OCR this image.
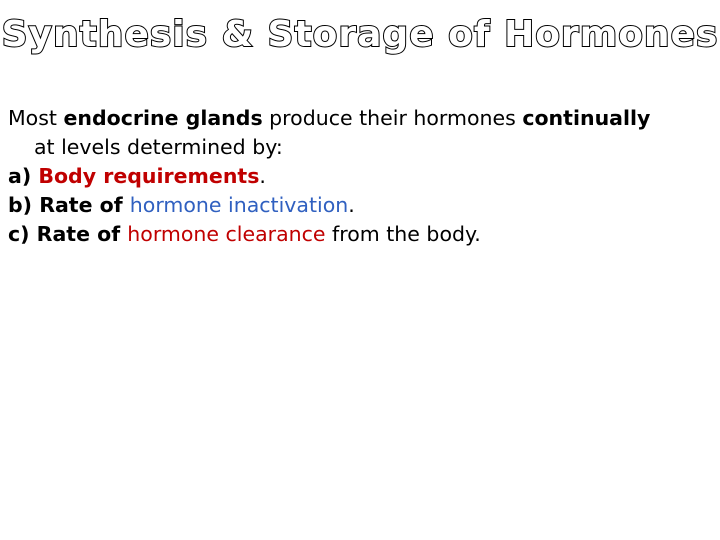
Synthesis & Storage of Hormones
Most endocrine glands produce their hormones continually
at levels determined by:
a) Body requirements.
b) Rate of hormone inactivation.
c) Rate of hormone clearance from the body.
